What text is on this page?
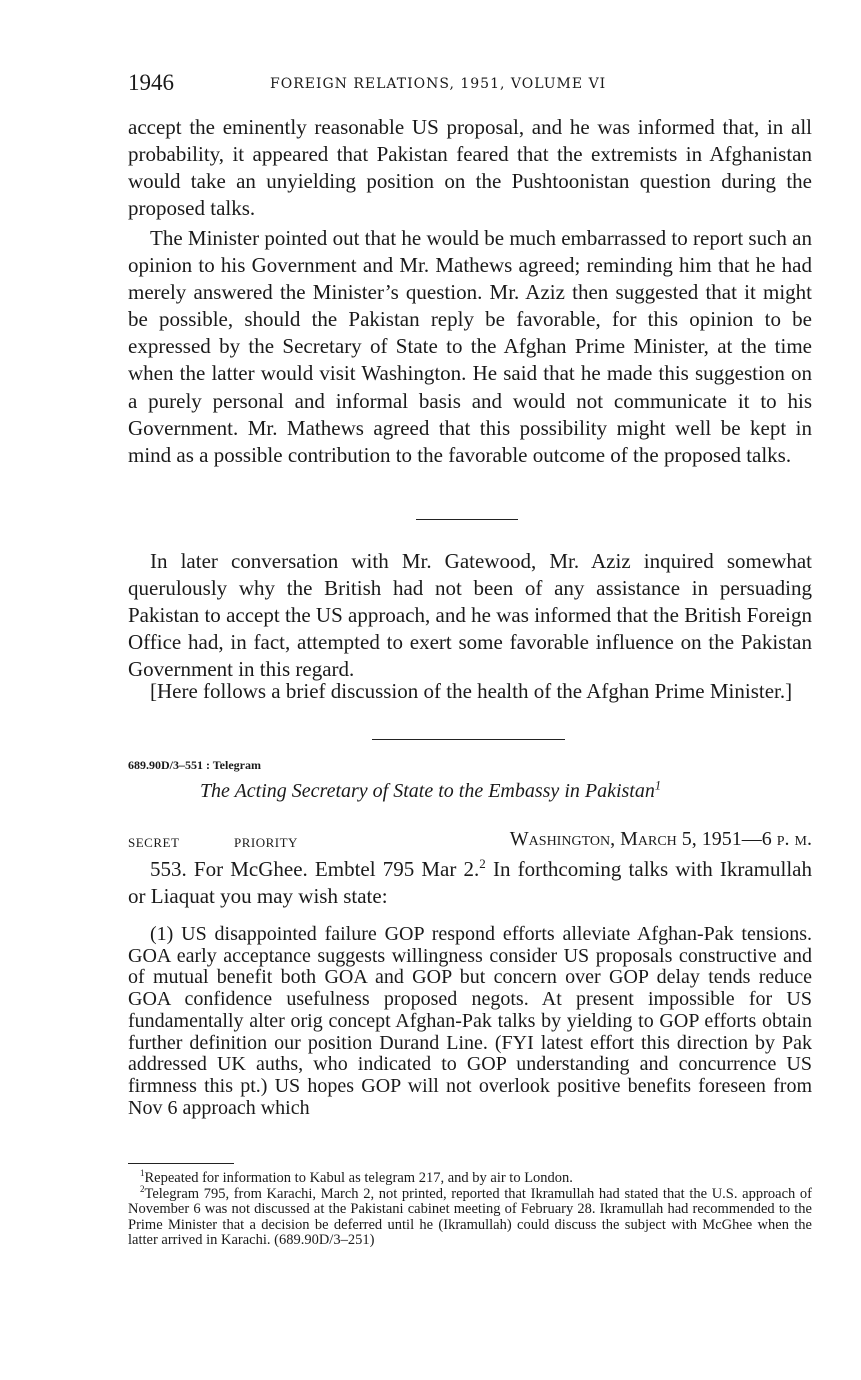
1946	FOREIGN RELATIONS, 1951, VOLUME VI

accept the eminently reasonable US proposal, and he was informed that, in all probability, it appeared that Pakistan feared that the extremists in Afghanistan would take an unyielding position on the Pushtoonistan question during the proposed talks.

The Minister pointed out that he would be much embarrassed to report such an opinion to his Government and Mr. Mathews agreed; reminding him that he had merely answered the Minister’s question. Mr. Aziz then suggested that it might be possible, should the Pakistan reply be favorable, for this opinion to be expressed by the Secretary of State to the Afghan Prime Minister, at the time when the latter would visit Washington. He said that he made this suggestion on a purely personal and informal basis and would not communicate it to his Government. Mr. Mathews agreed that this possibility might well be kept in mind as a possible contribution to the favorable outcome of the proposed talks.

In later conversation with Mr. Gatewood, Mr. Aziz inquired somewhat querulously why the British had not been of any assistance in persuading Pakistan to accept the US approach, and he was informed that the British Foreign Office had, in fact, attempted to exert some favorable influence on the Pakistan Government in this regard.

[Here follows a brief discussion of the health of the Afghan Prime Minister.]

689.90D/3–551 : Telegram
The Acting Secretary of State to the Embassy in Pakistan$^1$
SECRET	PRIORITY	Washington, March 5, 1951—6 p. m.

553. For McGhee. Embtel 795 Mar 2.$^2$ In forthcoming talks with Ikramullah or Liaquat you may wish state:

(1) US disappointed failure GOP respond efforts alleviate Afghan-Pak tensions. GOA early acceptance suggests willingness consider US proposals constructive and of mutual benefit both GOA and GOP but concern over GOP delay tends reduce GOA confidence usefulness proposed negots. At present impossible for US fundamentally alter orig concept Afghan-Pak talks by yielding to GOP efforts obtain further definition our position Durand Line. (FYI latest effort this direction by Pak addressed UK auths, who indicated to GOP understanding and concurrence US firmness this pt.) US hopes GOP will not overlook positive benefits foreseen from Nov 6 approach which

$^1$Repeated for information to Kabul as telegram 217, and by air to London.

$^2$Telegram 795, from Karachi, March 2, not printed, reported that Ikramullah had stated that the U.S. approach of November 6 was not discussed at the Pakistani cabinet meeting of February 28. Ikramullah had recommended to the Prime Minister that a decision be deferred until he (Ikramullah) could discuss the subject with McGhee when the latter arrived in Karachi. (689.90D/3–251)
